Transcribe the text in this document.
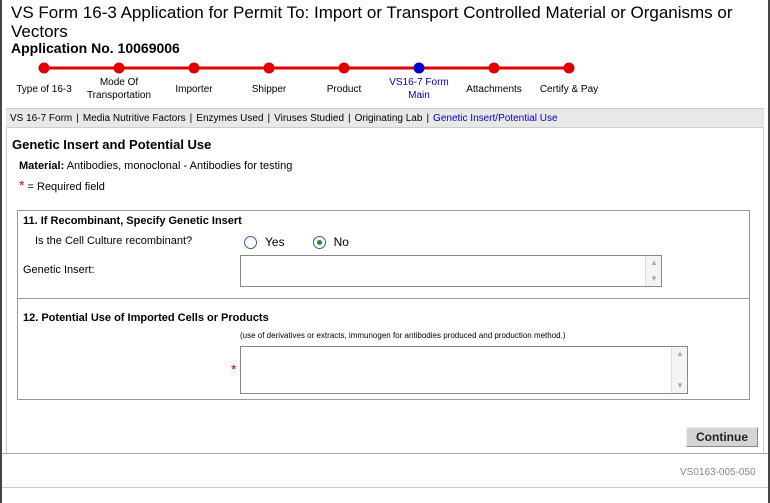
VS Form 16-3 Application for Permit To: Import or Transport Controlled Material or Organisms or Vectors
Application No. 10069006
Type of 16-3
Mode Of Transportation
Importer	Shipper	Product
VS16-7 Form Main
Attachments	Certify & Pay
VS 16-7 Form | Media Nutritive Factors | Enzymes Used | Viruses Studied | Originating Lab | Genetic Insert/Potential Use
Genetic Insert and Potential Use
Material: Antibodies, monoclonal - Antibodies for testing
* = Required field
11. If Recombinant, Specify Genetic Insert
Is the Cell Culture recombinant?	Yes	No
Genetic Insert:
▲
▼
12. Potential Use of Imported Cells or Products
(use of derivatives or extracts, immunogen for antibodies produced and production method.)
*
▲
▼
Continue
VS0163-005-050
